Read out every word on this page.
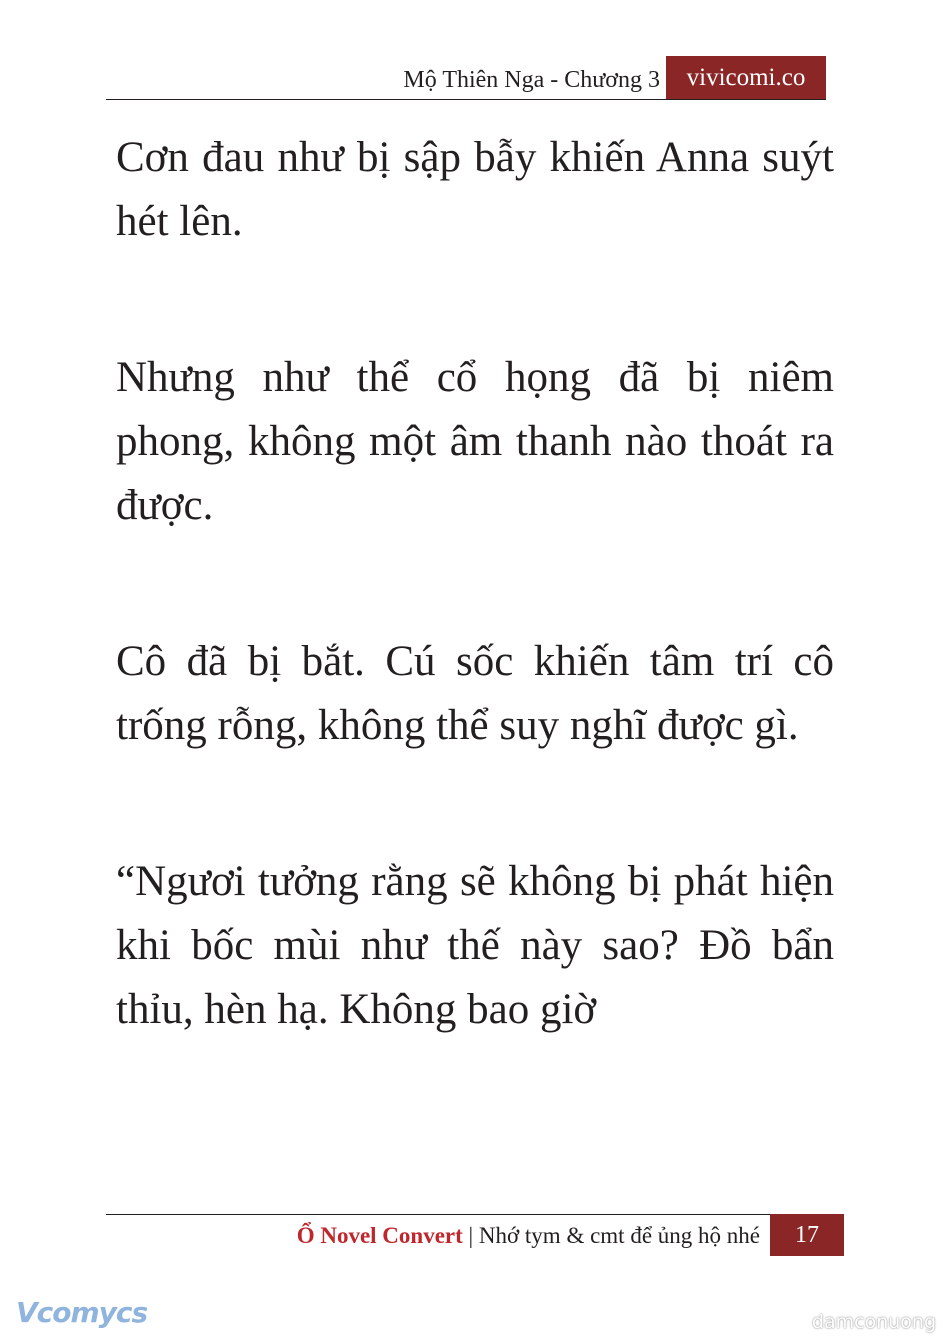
Mộ Thiên Nga - Chương 3	vivicomi.co

Cơn đau như bị sập bẫy khiến Anna suýt hét lên.

Nhưng như thể cổ họng đã bị niêm phong, không một âm thanh nào thoát ra được.

Cô đã bị bắt. Cú sốc khiến tâm trí cô trống rỗng, không thể suy nghĩ được gì.

“Ngươi tưởng rằng sẽ không bị phát hiện khi bốc mùi như thế này sao? Đồ bẩn thỉu, hèn hạ. Không bao giờ

Ổ Novel Convert | Nhớ tym & cmt để ủng hộ nhé	17
Vcomycs	damconuong
